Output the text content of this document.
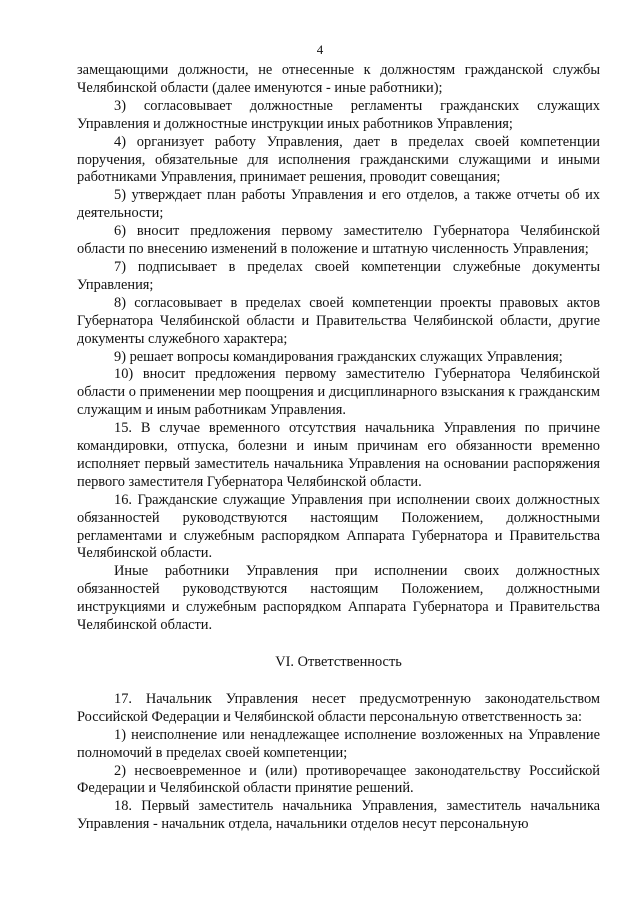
4

замещающими должности, не отнесенные к должностям гражданской службы Челябинской области (далее именуются - иные работники);

3) согласовывает должностные регламенты гражданских служащих Управления и должностные инструкции иных работников Управления;

4) организует работу Управления, дает в пределах своей компетенции поручения, обязательные для исполнения гражданскими служащими и иными работниками Управления, принимает решения, проводит совещания;

5) утверждает план работы Управления и его отделов, а также отчеты об их деятельности;

6) вносит предложения первому заместителю Губернатора Челябинской области по внесению изменений в положение и штатную численность Управления;

7) подписывает в пределах своей компетенции служебные документы Управления;

8) согласовывает в пределах своей компетенции проекты правовых актов Губернатора Челябинской области и Правительства Челябинской области, другие документы служебного характера;

9) решает вопросы командирования гражданских служащих Управления;

10) вносит предложения первому заместителю Губернатора Челябинской области о применении мер поощрения и дисциплинарного взыскания к гражданским служащим и иным работникам Управления.

15. В случае временного отсутствия начальника Управления по причине командировки, отпуска, болезни и иным причинам его обязанности временно исполняет первый заместитель начальника Управления на основании распоряжения первого заместителя Губернатора Челябинской области.

16. Гражданские служащие Управления при исполнении своих должностных обязанностей руководствуются настоящим Положением, должностными регламентами и служебным распорядком Аппарата Губернатора и Правительства Челябинской области.

Иные работники Управления при исполнении своих должностных обязанностей руководствуются настоящим Положением, должностными инструкциями и служебным распорядком Аппарата Губернатора и Правительства Челябинской области.

VI. Ответственность

17. Начальник Управления несет предусмотренную законодательством Российской Федерации и Челябинской области персональную ответственность за:

1) неисполнение или ненадлежащее исполнение возложенных на Управление полномочий в пределах своей компетенции;

2) несвоевременное и (или) противоречащее законодательству Российской Федерации и Челябинской области принятие решений.

18. Первый заместитель начальника Управления, заместитель начальника Управления - начальник отдела, начальники отделов несут персональную
